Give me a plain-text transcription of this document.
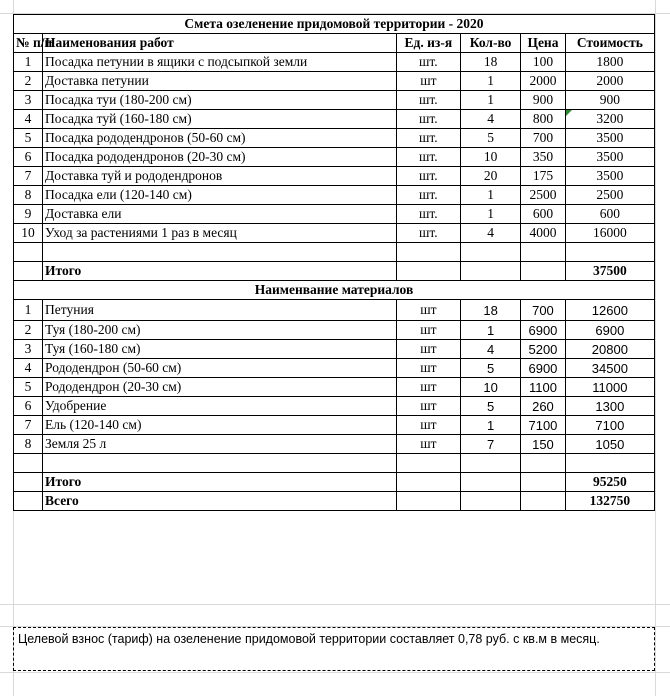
Смета озеленение придомовой территории - 2020					
№ п/п	Наименования работ	Ед. из-я	Кол-во	Цена	Стоимость
1	Посадка петунии в ящики с подсыпкой земли	шт.	18	100	1800
2	Доставка петунии	шт	1	2000	2000
3	Посадка туи (180-200 см)	шт.	1	900	900
4	Посадка туй (160-180 см)	шт.	4	800	3200
5	Посадка рододендронов (50-60 см)	шт.	5	700	3500
6	Посадка рододендронов (20-30 см)	шт.	10	350	3500
7	Доставка туй и рододендронов	шт.	20	175	3500
8	Посадка ели (120-140 см)	шт.	1	2500	2500
9	Доставка ели	шт.	1	600	600
10	Уход за растениями 1 раз в месяц	шт.	4	4000	16000

	Итого				37500
Наименвание материалов					
1	Петуния	шт	18	700	12600
2	Туя (180-200 см)	шт	1	6900	6900
3	Туя (160-180 см)	шт	4	5200	20800
4	Рододендрон (50-60 см)	шт	5	6900	34500
5	Рододендрон (20-30 см)	шт	10	1100	11000
6	Удобрение	шт	5	260	1300
7	Ель (120-140 см)	шт	1	7100	7100
8	Земля 25 л	шт	7	150	1050

	Итого				95250
	Всего				132750
Целевой взнос (тариф) на озеленение придомовой территории составляет 0,78 руб. с кв.м в месяц.
